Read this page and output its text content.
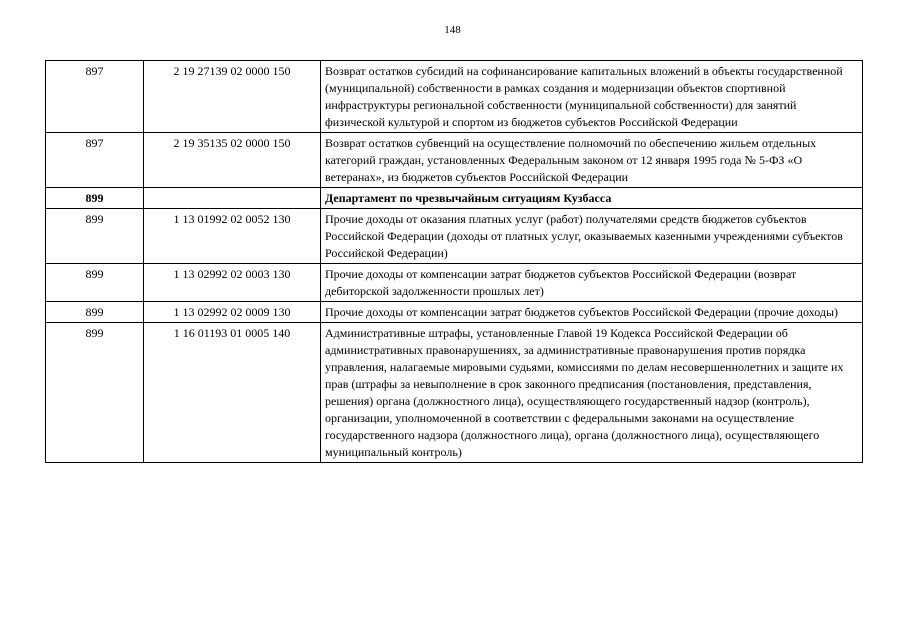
148
897	2 19 27139 02 0000 150	Возврат остатков субсидий на софинансирование капитальных вложений в объекты государственной (муниципальной) собственности в рамках создания и модернизации объектов спортивной инфраструктуры региональной собственности (муниципальной собственности) для занятий физической культурой и спортом из бюджетов субъектов Российской Федерации
897	2 19 35135 02 0000 150	Возврат остатков субвенций на осуществление полномочий по обеспечению жильем отдельных категорий граждан, установленных Федеральным законом от 12 января 1995 года № 5-ФЗ «О ветеранах», из бюджетов субъектов Российской Федерации
899		Департамент по чрезвычайным ситуациям Кузбасса
899	1 13 01992 02 0052 130	Прочие доходы от оказания платных услуг (работ) получателями средств бюджетов субъектов Российской Федерации (доходы от платных услуг, оказываемых казенными учреждениями субъектов Российской Федерации)
899	1 13 02992 02 0003 130	Прочие доходы от компенсации затрат бюджетов субъектов Российской Федерации (возврат дебиторской задолженности прошлых лет)
899	1 13 02992 02 0009 130	Прочие доходы от компенсации затрат бюджетов субъектов Российской Федерации (прочие доходы)
899	1 16 01193 01 0005 140	Административные штрафы, установленные Главой 19 Кодекса Российской Федерации об административных правонарушениях, за административные правонарушения против порядка управления, налагаемые мировыми судьями, комиссиями по делам несовершеннолетних и защите их прав (штрафы за невыполнение в срок законного предписания (постановления, представления, решения) органа (должностного лица), осуществляющего государственный надзор (контроль), организации, уполномоченной в соответствии с федеральными законами на осуществление государственного надзора (должностного лица), органа (должностного лица), осуществляющего муниципальный контроль)
